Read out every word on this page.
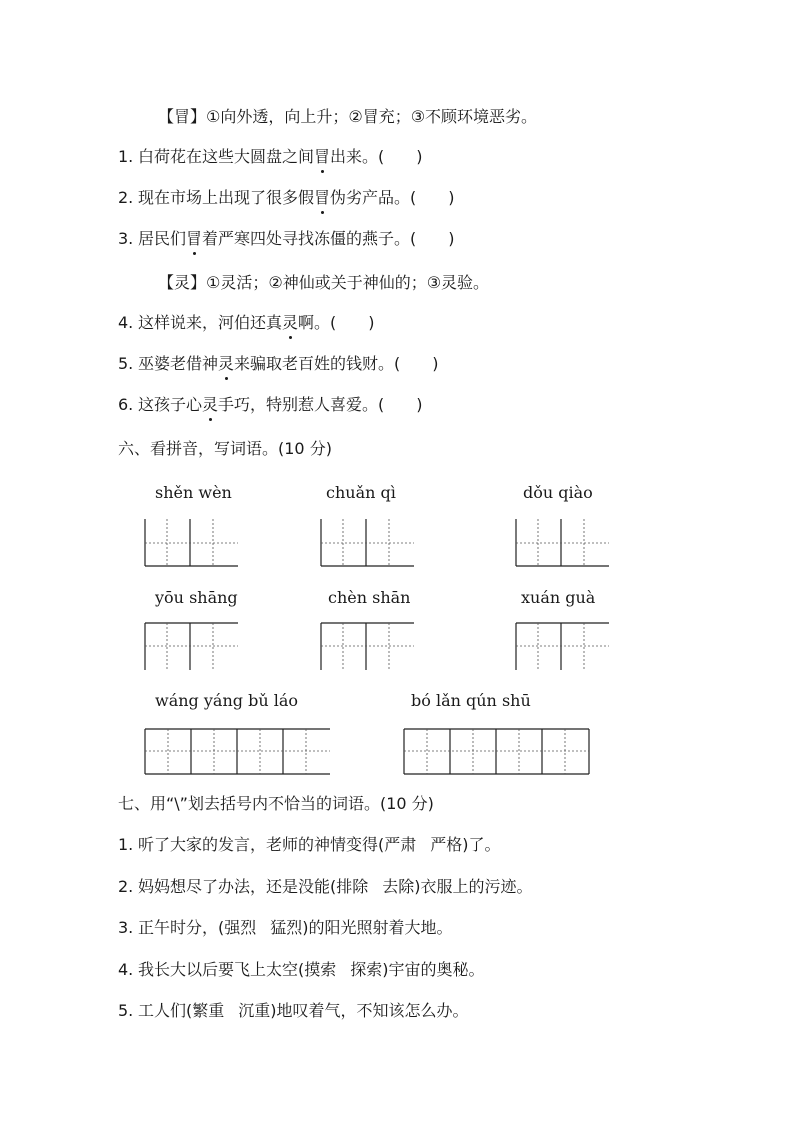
【冒】①向外透，向上升；②冒充；③不顾环境恶劣。
1. 白荷花在这些大圆盘之间冒出来。(　　)
2. 现在市场上出现了很多假冒伪劣产品。(　　)
3. 居民们冒着严寒四处寻找冻僵的燕子。(　　)
【灵】①灵活；②神仙或关于神仙的；③灵验。
4. 这样说来，河伯还真灵啊。(　　)
5. 巫婆老借神灵来骗取老百姓的钱财。(　　)
6. 这孩子心灵手巧，特别惹人喜爱。(　　)
六、看拼音，写词语。(10 分)
shěn wèn	chuǎn qì	dǒu qiào
yōu shāng	chèn shān	xuán guà
wáng yáng bǔ láo	bó lǎn qún shū
七、用“\”划去括号内不恰当的词语。(10 分)
1. 听了大家的发言，老师的神情变得(严肃 严格)了。
2. 妈妈想尽了办法，还是没能(排除 去除)衣服上的污迹。
3. 正午时分，(强烈 猛烈)的阳光照射着大地。
4. 我长大以后要飞上太空(摸索 探索)宇宙的奥秘。
5. 工人们(繁重 沉重)地叹着气，不知该怎么办。
